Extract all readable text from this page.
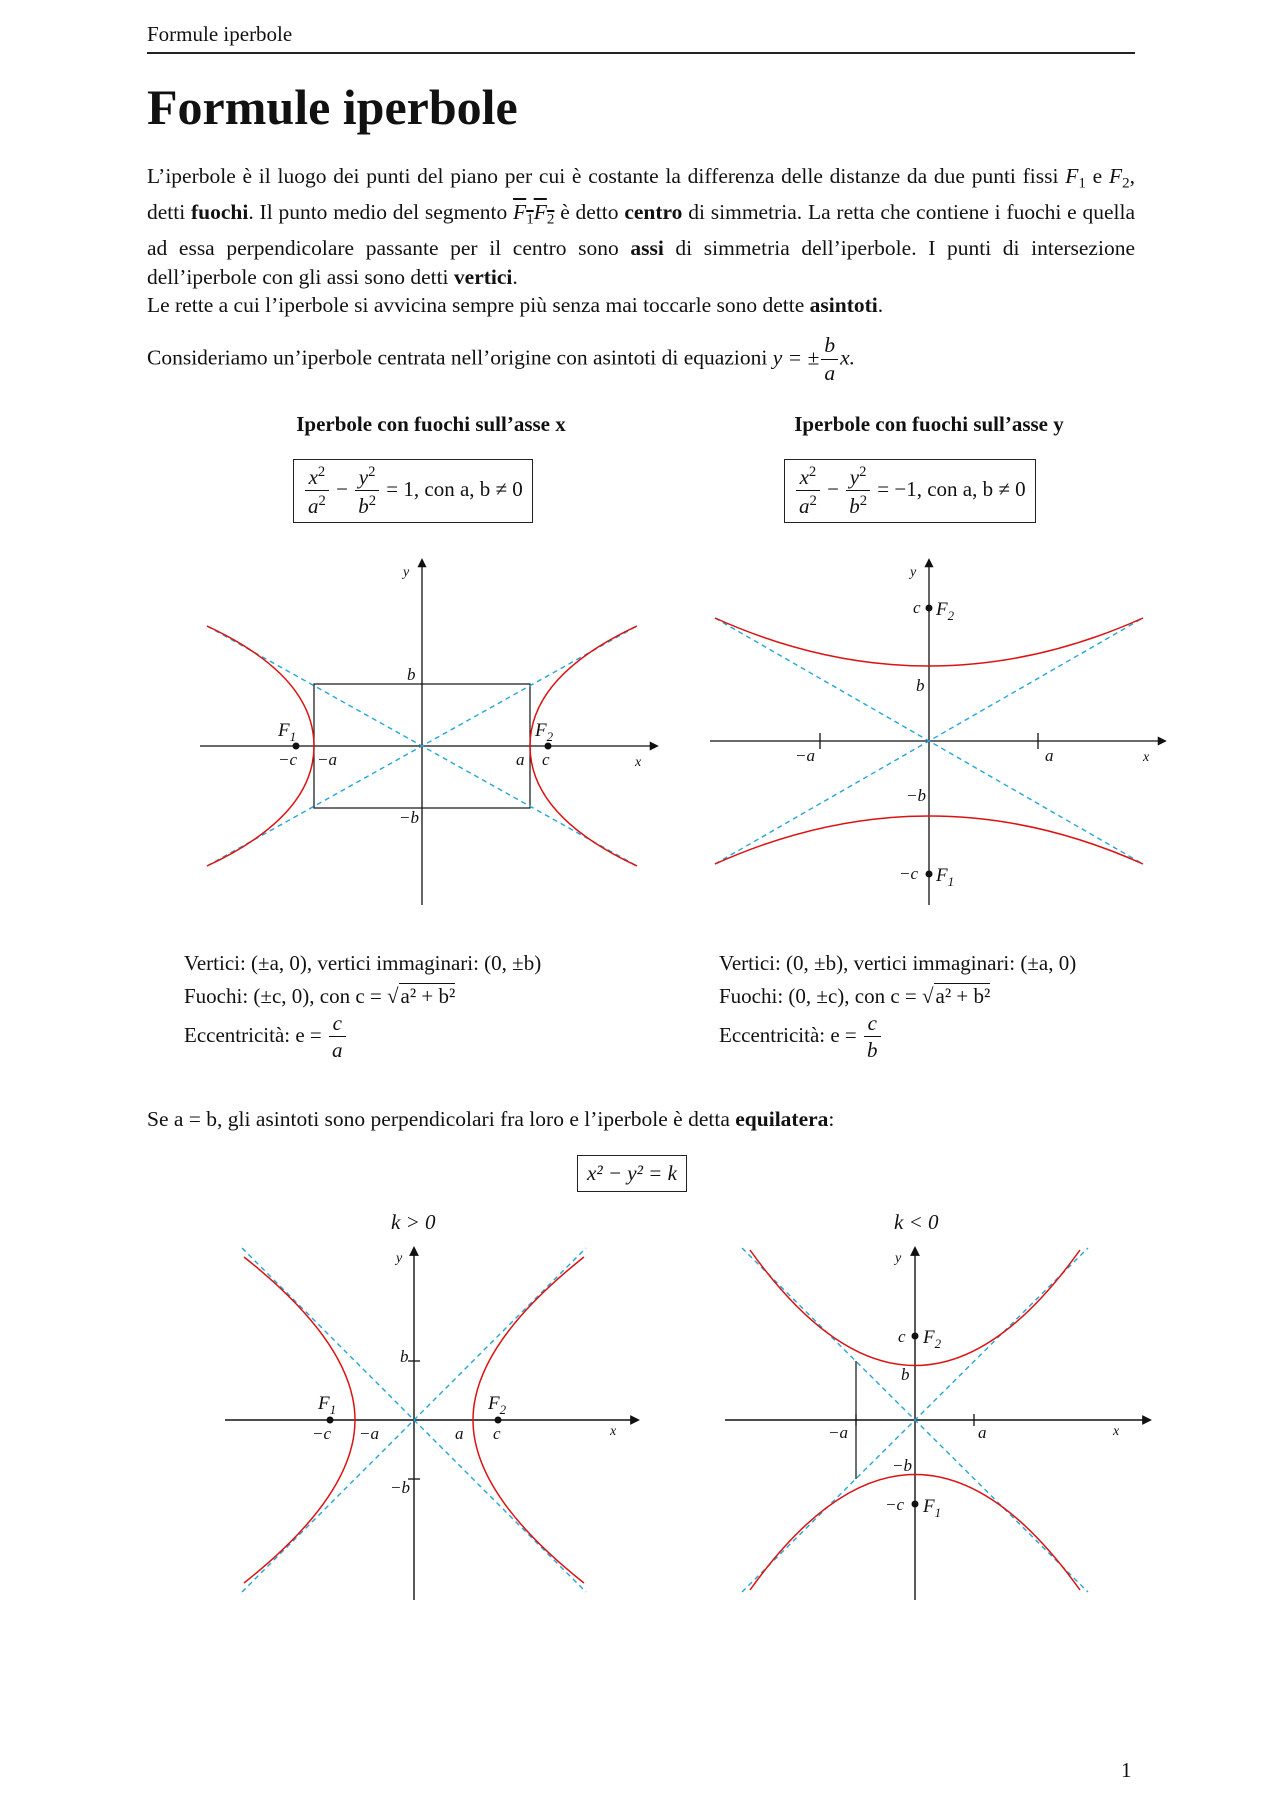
Formule iperbole
Formule iperbole

L’iperbole è il luogo dei punti del piano per cui è costante la differenza delle distanze da due punti fissi $F_1$ e $F_2$, detti fuochi. Il punto medio del segmento $F_1F_2$ è detto centro di simmetria. La retta che contiene i fuochi e quella ad essa perpendicolare passante per il centro sono assi di simmetria dell’iperbole. I punti di intersezione dell’iperbole con gli assi sono detti vertici.

Le rette a cui l’iperbole si avvicina sempre più senza mai toccarle sono dette asintoti.

Consideriamo un’iperbole centrata nell’origine con asintoti di equazioni y = ± $\frac{b}{a} x$.
Iperbole con fuochi sull’asse x	Iperbole con fuochi sull’asse y
$\frac{x^2}{a^2} - \frac{y^2}{b^2} = 1$, con a, b ≠ 0	$\frac{x^2}{a^2} - \frac{y^2}{b^2} = -1$, con a, b ≠ 0
$F_1$	$F_2$
−c −a	a c
b
−b
y
x
c $F_2$
b
−b
−c $F_1$
−a	a
y
x
Vertici: (±a, 0), vertici immaginari: (0, ±b)
Fuochi: (±c, 0), con c = √a² + b²
Eccentricità: $e = \frac{c}{a}$
Vertici: (0, ±b), vertici immaginari: (±a, 0)
Fuochi: (0, ±c), con c = √a² + b²
Eccentricità: $e = \frac{c}{b}$
Se a = b, gli asintoti sono perpendicolari fra loro e l’iperbole è detta equilatera:
x² − y² = k
k > 0	k < 0
$F_1$	$F_2$
−c −a	a c
b
−b
y
x
c $F_2$
b
−b
−c $F_1$
−a	a
y
x
1
